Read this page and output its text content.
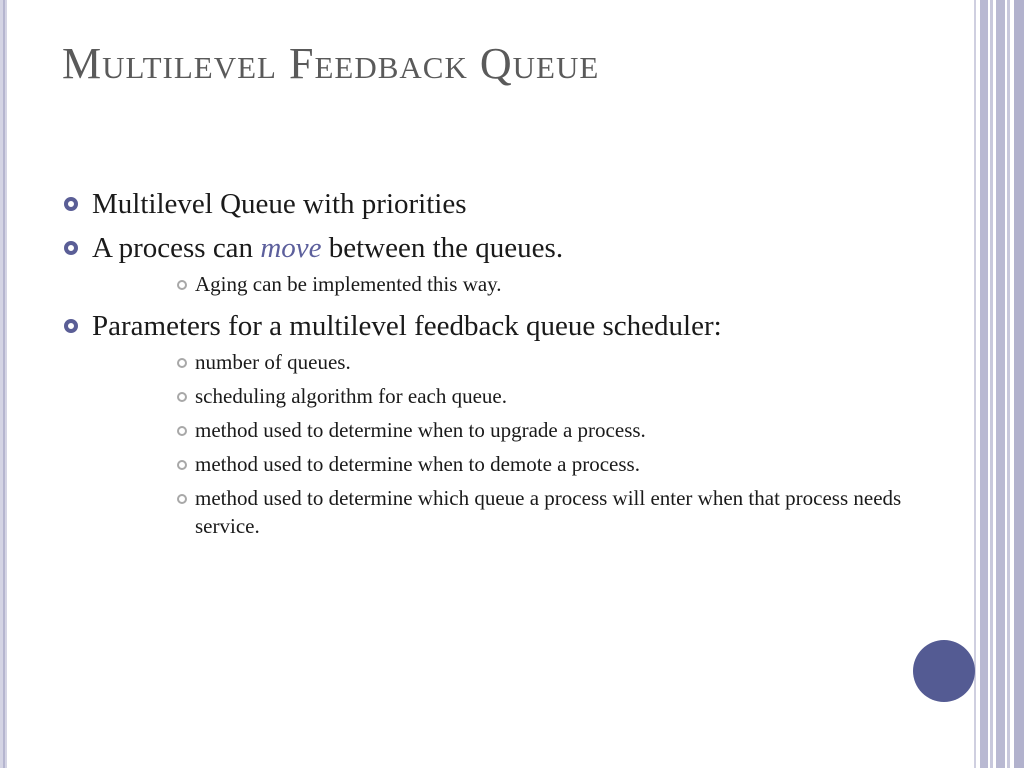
Multilevel Feedback Queue
Multilevel Queue with priorities
A process can move between the queues.
Aging can be implemented this way.
Parameters for a multilevel feedback queue scheduler:
number of queues.
scheduling algorithm for each queue.
method used to determine when to upgrade a process.
method used to determine when to demote a process.
method used to determine which queue a process will enter when that process needs service.
